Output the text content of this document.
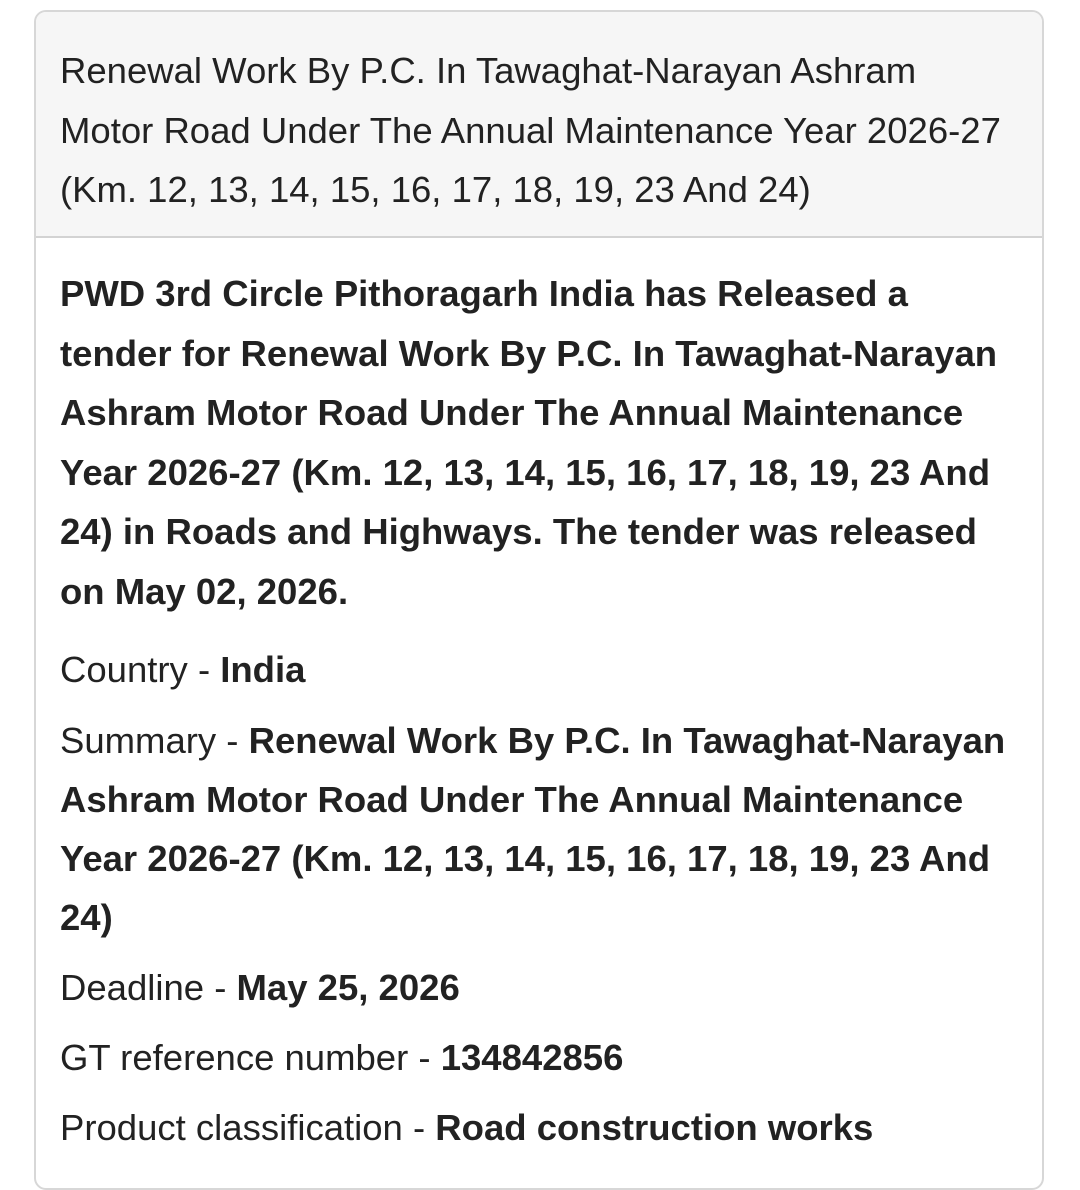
Renewal Work By P.C. In Tawaghat-Narayan Ashram Motor Road Under The Annual Maintenance Year 2026-27 (Km. 12, 13, 14, 15, 16, 17, 18, 19, 23 And 24)

PWD 3rd Circle Pithoragarh India has Released a tender for Renewal Work By P.C. In Tawaghat-Narayan Ashram Motor Road Under The Annual Maintenance Year 2026-27 (Km. 12, 13, 14, 15, 16, 17, 18, 19, 23 And 24) in Roads and Highways. The tender was released on May 02, 2026.

Country - India

Summary - Renewal Work By P.C. In Tawaghat-Narayan Ashram Motor Road Under The Annual Maintenance Year 2026-27 (Km. 12, 13, 14, 15, 16, 17, 18, 19, 23 And 24)

Deadline - May 25, 2026

GT reference number - 134842856

Product classification - Road construction works
